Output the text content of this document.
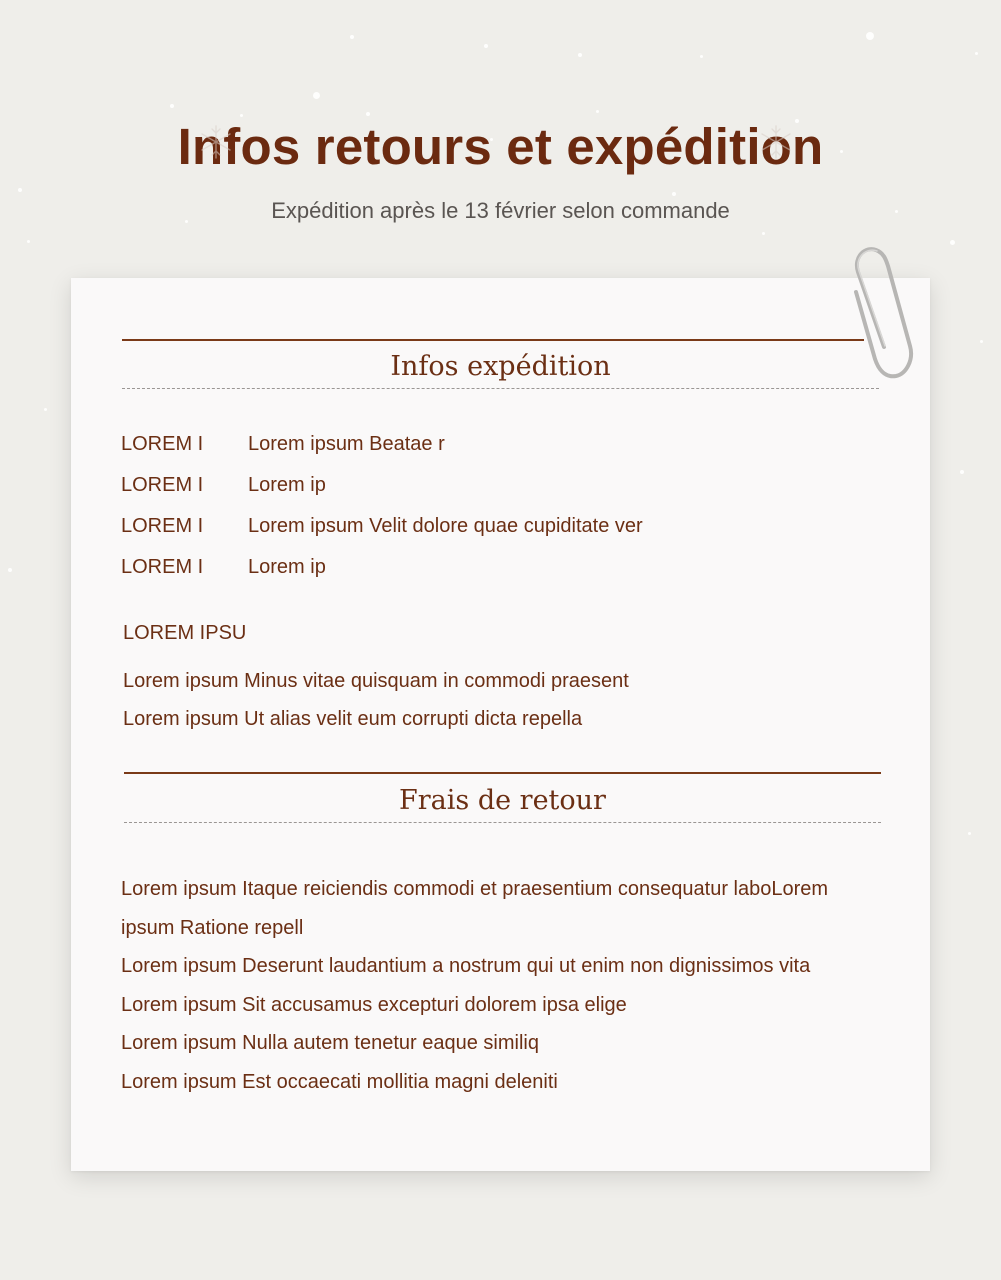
Infos retours et expédition
Expédition après le 13 février selon commande
Infos expédition
LOREM I Lorem ipsum Beatae r
LOREM I Lorem ip
LOREM I Lorem ipsum Velit dolore quae cupiditate ver
LOREM I Lorem ip
LOREM IPSU
Lorem ipsum Minus vitae quisquam in commodi praesent
Lorem ipsum Ut alias velit eum corrupti dicta repella
Frais de retour
Lorem ipsum Itaque reiciendis commodi et praesentium consequatur laboLorem
ipsum Ratione repell
Lorem ipsum Deserunt laudantium a nostrum qui ut enim non dignissimos vita
Lorem ipsum Sit accusamus excepturi dolorem ipsa elige
Lorem ipsum Nulla autem tenetur eaque similiq
Lorem ipsum Est occaecati mollitia magni deleniti
